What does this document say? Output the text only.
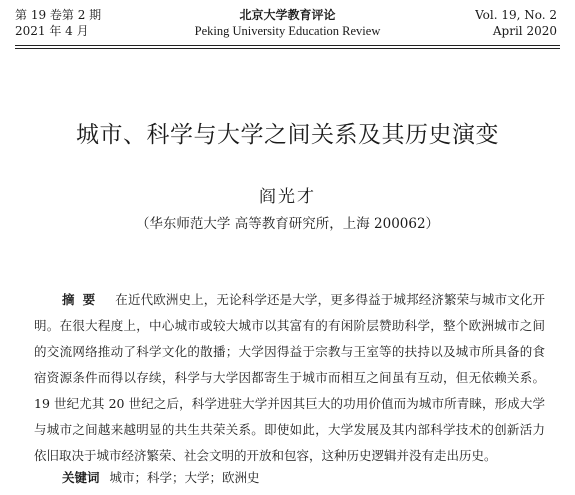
第 19 卷第 2 期
2021 年 4 月
北京大学教育评论
Peking University Education Review
Vol. 19, No. 2
April 2020
城市、科学与大学之间关系及其历史演变
阎光才
（华东师范大学 高等教育研究所，上海 200062）
摘要 在近代欧洲史上，无论科学还是大学，更多得益于城邦经济繁荣与城市文化开明。在很大程度上，中心城市或较大城市以其富有的有闲阶层赞助科学，整个欧洲城市之间的交流网络推动了科学文化的散播；大学因得益于宗教与王室等的扶持以及城市所具备的食宿资源条件而得以存续，科学与大学因都寄生于城市而相互之间虽有互动，但无依赖关系。19 世纪尤其 20 世纪之后，科学进驻大学并因其巨大的功用价值而为城市所青睐，形成大学与城市之间越来越明显的共生共荣关系。即使如此，大学发展及其内部科学技术的创新活力依旧取决于城市经济繁荣、社会文明的开放和包容，这种历史逻辑并没有走出历史。
关键词 城市；科学；大学；欧洲史
